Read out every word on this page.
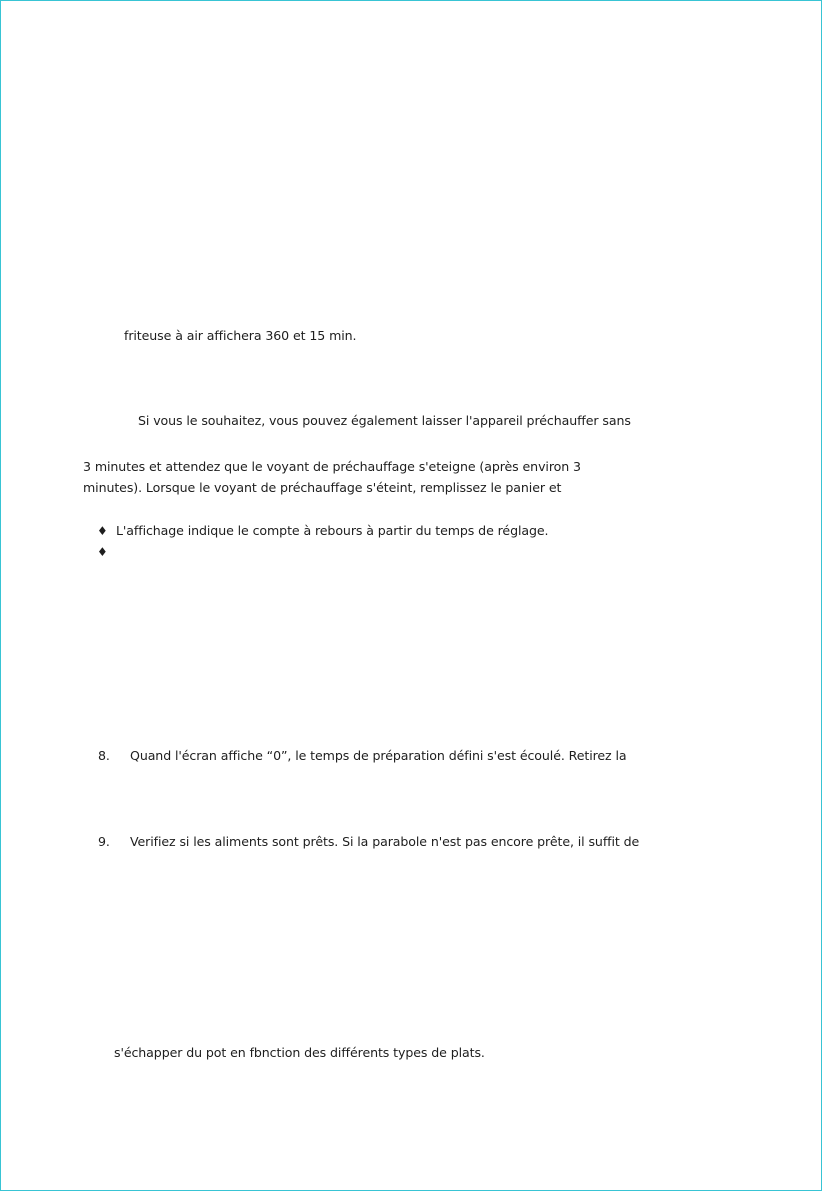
friteuse à air affichera 360 et 15 min.
Si vous le souhaitez, vous pouvez également laisser l'appareil préchauffer sans
3 minutes et attendez que le voyant de préchauffage s'eteigne (après environ 3
minutes). Lorsque le voyant de préchauffage s'éteint, remplissez le panier et
♦ L'affichage indique le compte à rebours à partir du temps de réglage.
♦
8. Quand l'écran affiche “0”, le temps de préparation défini s'est écoulé. Retirez la
9. Verifiez si les aliments sont prêts. Si la parabole n'est pas encore prête, il suffit de
s'échapper du pot en fbnction des différents types de plats.
